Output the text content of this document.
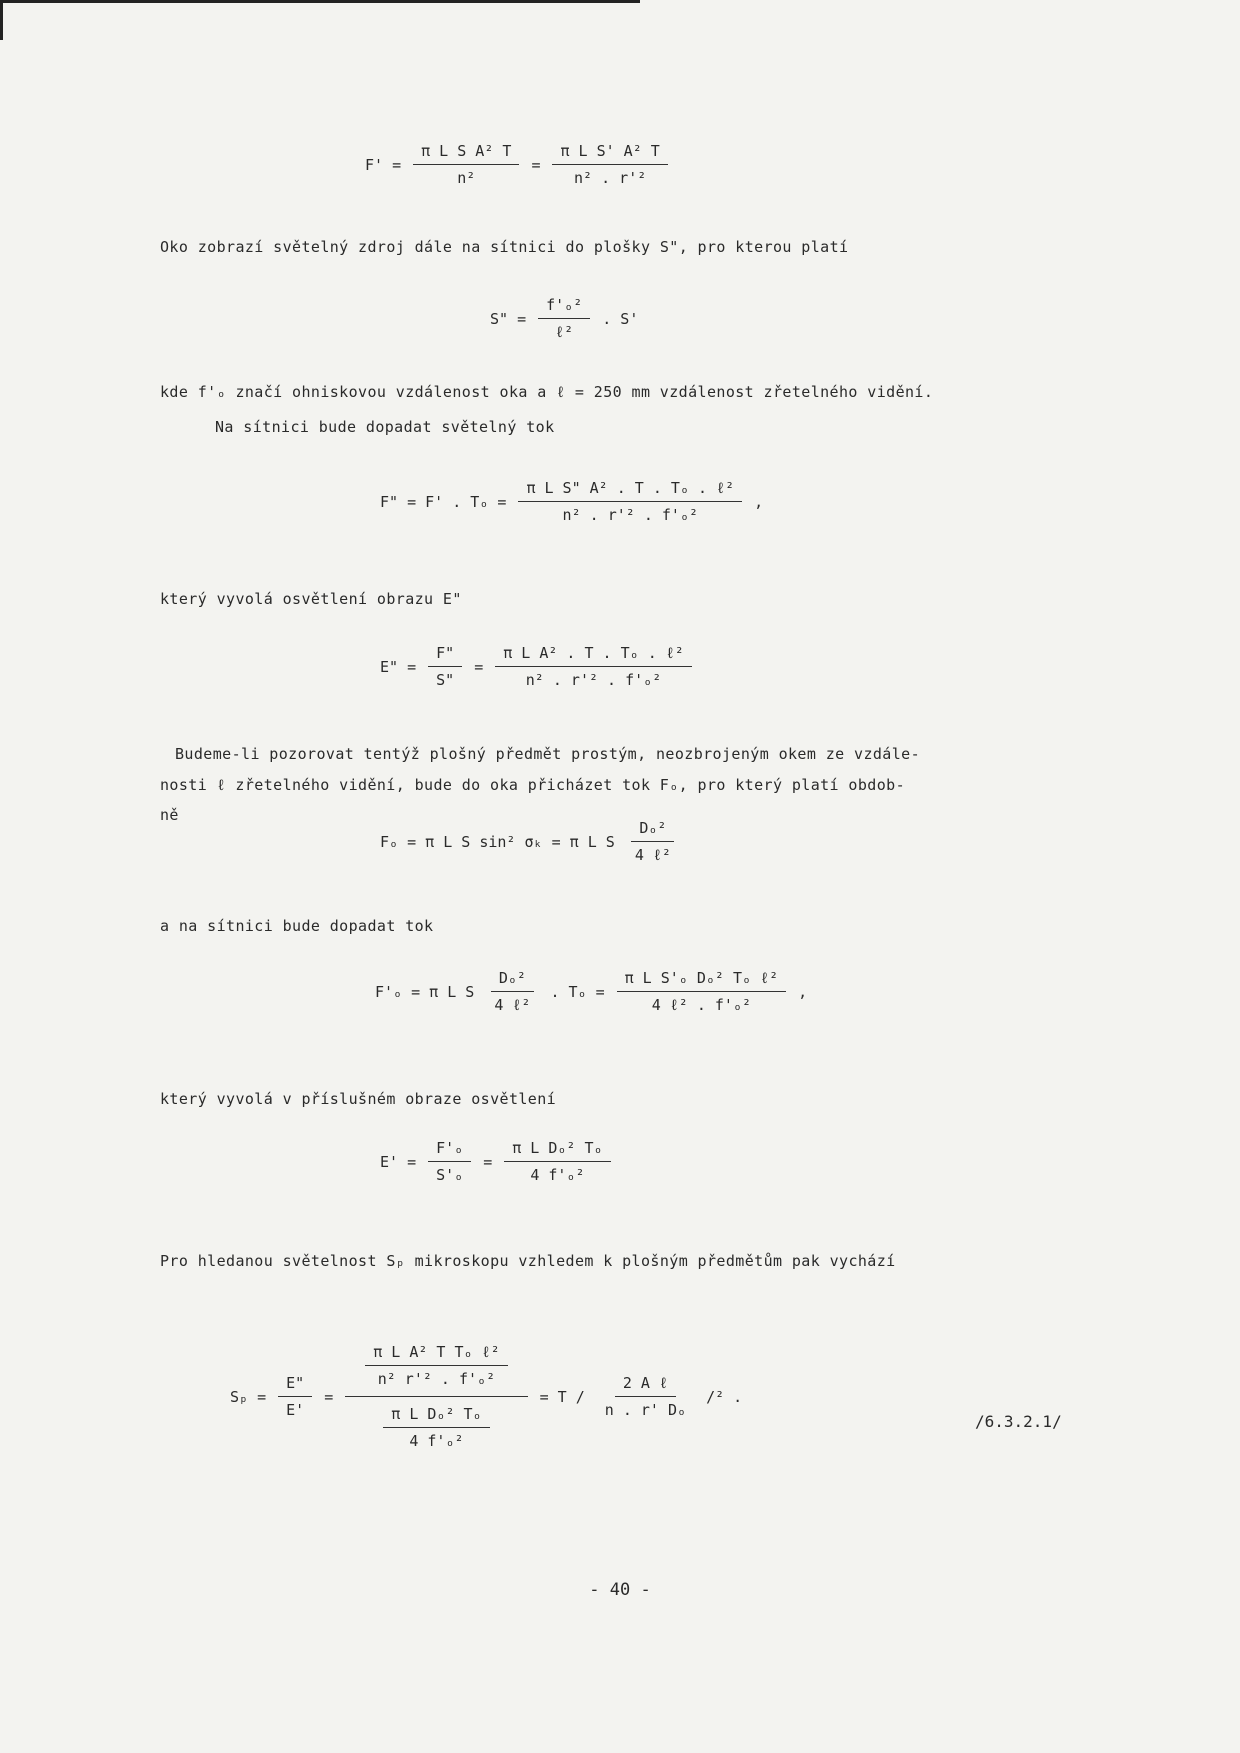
$F' = \frac{\text{π L S A² T}}{\text{n²}} = \frac{\text{π L S' A² T}}{\text{n² . r'²}}$
Oko zobrazí světelný zdroj dále na sítnici do plošky S", pro kterou platí
S" = $\frac{\text{f'ₒ²}}{\text{ℓ²}}$ . S'
kde f'ₒ značí ohniskovou vzdálenost oka a ℓ = 250 mm vzdálenost zřetelného vidění.
Na sítnici bude dopadat světelný tok
F" = F' . $T_o = \frac{\text{π L S" A² . T . Tₒ . ℓ²}}{\text{n² . r'² . f'ₒ²}}$ ,
který vyvolá osvětlení obrazu E"
E" = $\frac{F"}{S"} = \frac{\text{π L A² . T . Tₒ . ℓ²}}{\text{n² . r'² . f'ₒ²}}$
Budeme-li pozorovat tentýž plošný předmět prostým, neozbrojeným okem ze vzdále-
nosti ℓ zřetelného vidění, bude do oka přicházet tok Fₒ, pro který platí obdob-
ně
Fₒ = π L S sin² σₖ = π L S $\frac{\text{Dₒ²}}{\text{4 ℓ²}}$
a na sítnici bude dopadat tok
F'ₒ = π L S $\frac{\text{Dₒ²}}{\text{4 ℓ²}}$ . $T_o = \frac{\text{π L S'ₒ Dₒ² Tₒ ℓ²}}{\text{4 ℓ² . f'ₒ²}}$ ,
který vyvolá v příslušném obraze osvětlení
$E' = \frac{\text{F'ₒ}}{\text{S'ₒ}} = \frac{\text{π L Dₒ² Tₒ}}{\text{4 f'ₒ²}}$
Pro hledanou světelnost Sₚ mikroskopu vzhledem k plošným předmětům pak vychází
$S_p = \frac{E"}{E'} = \frac{\frac{\text{π L A² T Tₒ ℓ²}}{\text{n² r'² . f'ₒ²}}}{\frac{\text{π L Dₒ² Tₒ}}{\text{4 f'ₒ²}}} = T / \frac{\text{2 A ℓ}}{\text{n . r' Dₒ}} /^2$ .
/6.3.2.1/
- 40 -
